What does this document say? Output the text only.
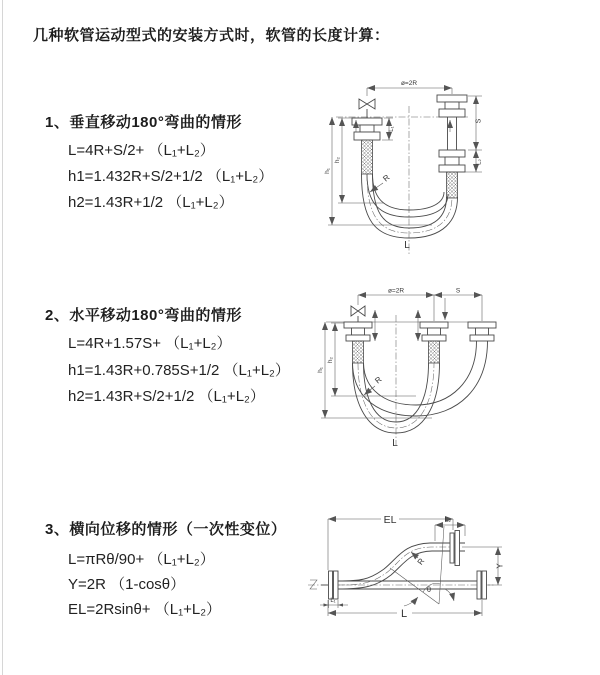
几种软管运动型式的安装方式时，软管的长度计算：
1、垂直移动180°弯曲的情形
L=4R+S/2+ （L₁+L₂）
h1=1.432R+S/2+1/2 （L₁+L₂）
h2=1.43R+1/2 （L₁+L₂）
2、水平移动180°弯曲的情形
L=4R+1.57S+ （L₁+L₂）
h1=1.43R+0.785S+1/2 （L₁+L₂）
h2=1.43R+S/2+1/2 （L₁+L₂）
3、横向位移的情形（一次性变位）
L=πRθ/90+ （L₁+L₂）
Y=2R （1-cosθ）
EL=2Rsinθ+ （L₁+L₂）
ø=2R
h₁
h₂
L₁
S
L₂
R
L
ø=2R	S
h₁
h₂
R
L
EL	L₂
Y
θ
R
L₁
L
